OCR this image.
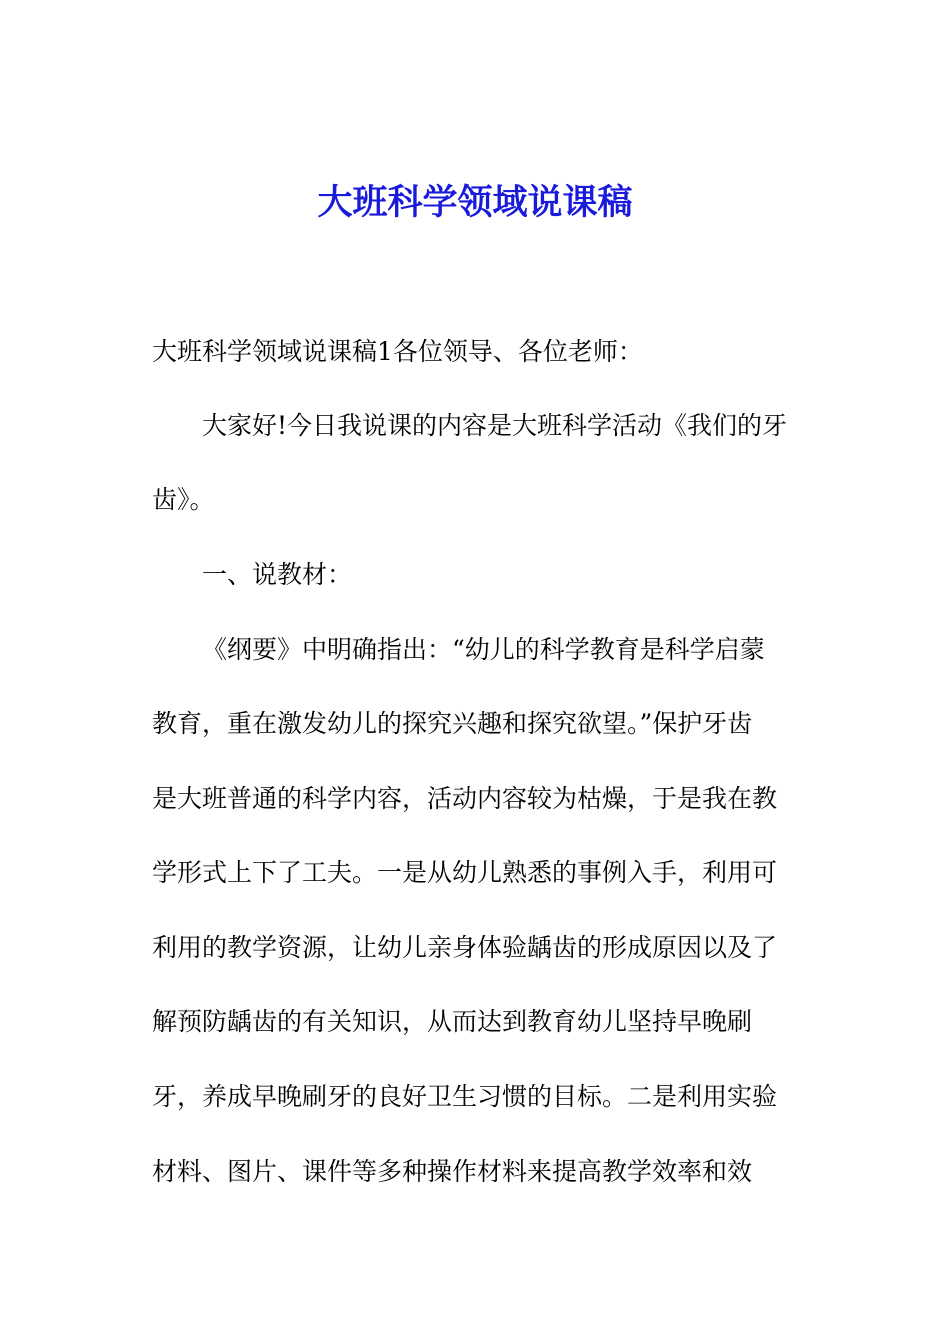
大班科学领域说课稿

大班科学领域说课稿1各位领导、各位老师：

大家好!今日我说课的内容是大班科学活动《我们的牙

齿》。

一、说教材：

《纲要》中明确指出：“幼儿的科学教育是科学启蒙

教育，重在激发幼儿的探究兴趣和探究欲望。”保护牙齿

是大班普通的科学内容，活动内容较为枯燥，于是我在教

学形式上下了工夫。一是从幼儿熟悉的事例入手，利用可

利用的教学资源，让幼儿亲身体验龋齿的形成原因以及了

解预防龋齿的有关知识，从而达到教育幼儿坚持早晚刷

牙，养成早晚刷牙的良好卫生习惯的目标。二是利用实验

材料、图片、课件等多种操作材料来提高教学效率和效
